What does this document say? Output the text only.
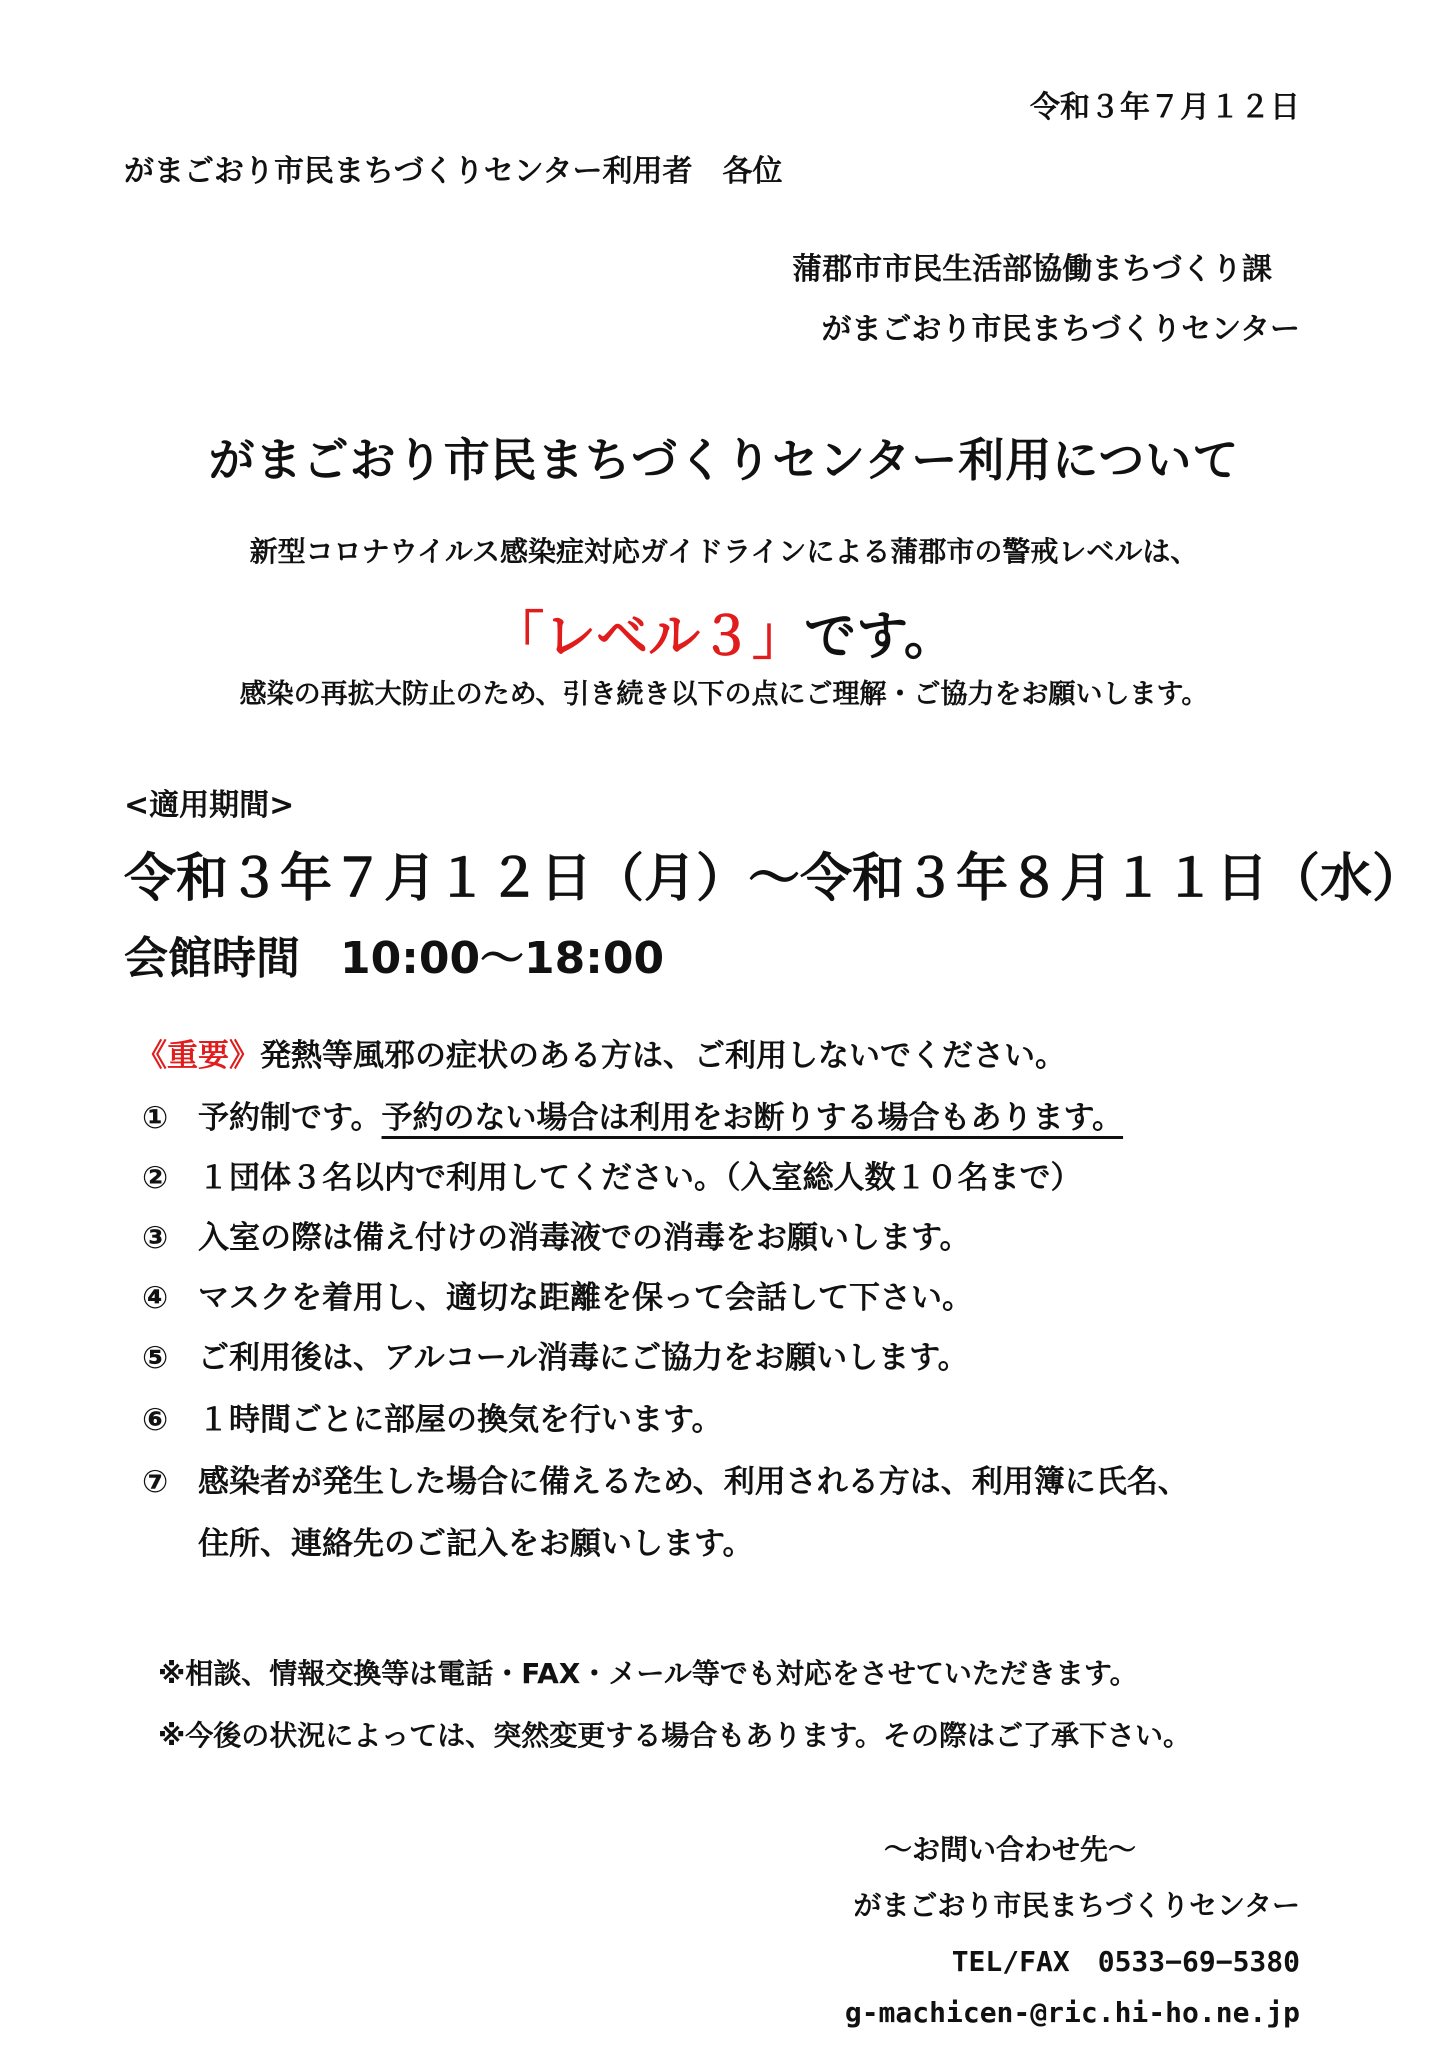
令和３年７月１２日
がまごおり市民まちづくりセンター利用者　各位
蒲郡市市民生活部協働まちづくり課
がまごおり市民まちづくりセンター
がまごおり市民まちづくりセンター利用について
新型コロナウイルス感染症対応ガイドラインによる蒲郡市の警戒レベルは、
「レベル３」です。
感染の再拡大防止のため、引き続き以下の点にご理解・ご協力をお願いします。
<適用期間>
令和３年７月１２日（月）〜令和３年８月１１日（水）
会館時間 10:00〜18:00
《重要》発熱等風邪の症状のある方は、ご利用しないでください。
① 予約制です。予約のない場合は利用をお断りする場合もあります。
② １団体３名以内で利用してください。（入室総人数１０名まで）
③ 入室の際は備え付けの消毒液での消毒をお願いします。
④ マスクを着用し、適切な距離を保って会話して下さい。
⑤ ご利用後は、アルコール消毒にご協力をお願いします。
⑥ １時間ごとに部屋の換気を行います。
⑦ 感染者が発生した場合に備えるため、利用される方は、利用簿に氏名、
住所、連絡先のご記入をお願いします。
※相談、情報交換等は電話・FAX・メール等でも対応をさせていただきます。
※今後の状況によっては、突然変更する場合もあります。その際はご了承下さい。
〜お問い合わせ先〜
がまごおり市民まちづくりセンター
TEL/FAX　0533−69−5380
g-machicen-@ric.hi-ho.ne.jp
